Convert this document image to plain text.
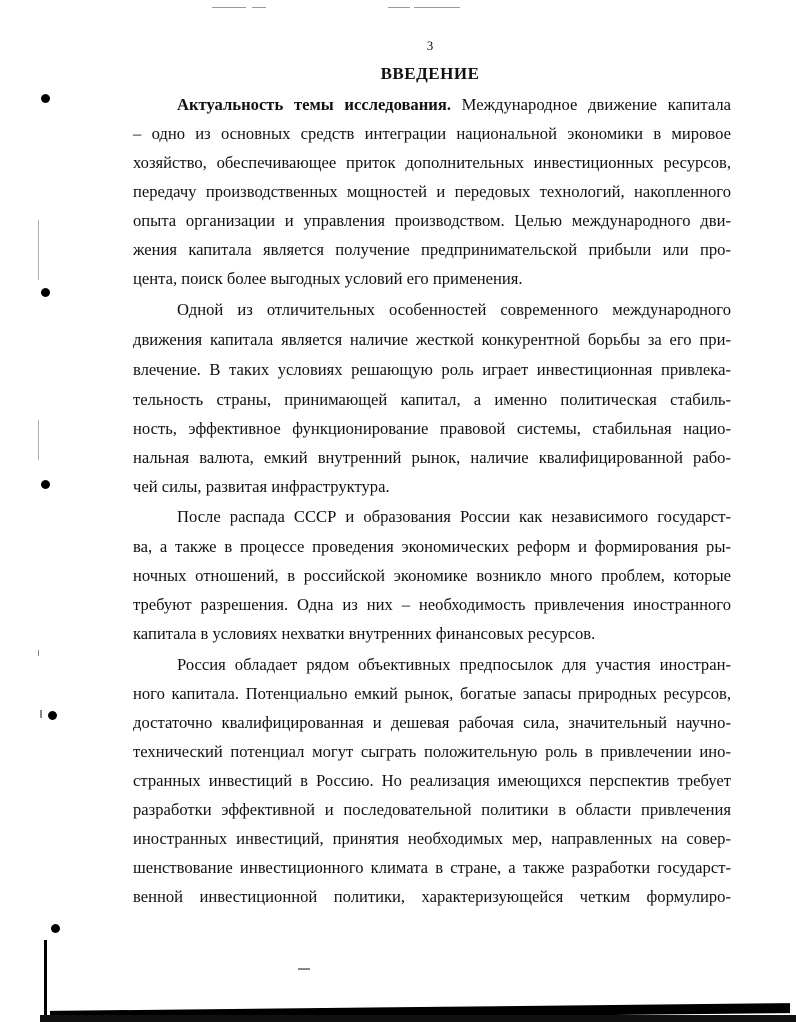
3
ВВЕДЕНИЕ
Актуальность темы исследования. Международное движение капитала
– одно из основных средств интеграции национальной экономики в мировое
хозяйство, обеспечивающее приток дополнительных инвестиционных ресурсов,
передачу производственных мощностей и передовых технологий, накопленного
опыта организации и управления производством. Целью международного дви-
жения капитала является получение предпринимательской прибыли или про-
цента, поиск более выгодных условий его применения.
Одной из отличительных особенностей современного международного
движения капитала является наличие жесткой конкурентной борьбы за его при-
влечение. В таких условиях решающую роль играет инвестиционная привлека-
тельность страны, принимающей капитал, а именно политическая стабиль-
ность, эффективное функционирование правовой системы, стабильная нацио-
нальная валюта, емкий внутренний рынок, наличие квалифицированной рабо-
чей силы, развитая инфраструктура.
После распада СССР и образования России как независимого государст-
ва, а также в процессе проведения экономических реформ и формирования ры-
ночных отношений, в российской экономике возникло много проблем, которые
требуют разрешения. Одна из них – необходимость привлечения иностранного
капитала в условиях нехватки внутренних финансовых ресурсов.
Россия обладает рядом объективных предпосылок для участия иностран-
ного капитала. Потенциально емкий рынок, богатые запасы природных ресурсов,
достаточно квалифицированная и дешевая рабочая сила, значительный научно-
технический потенциал могут сыграть положительную роль в привлечении ино-
странных инвестиций в Россию. Но реализация имеющихся перспектив требует
разработки эффективной и последовательной политики в области привлечения
иностранных инвестиций, принятия необходимых мер, направленных на совер-
шенствование инвестиционного климата в стране, а также разработки государст-
венной инвестиционной политики, характеризующейся четким формулиро-
